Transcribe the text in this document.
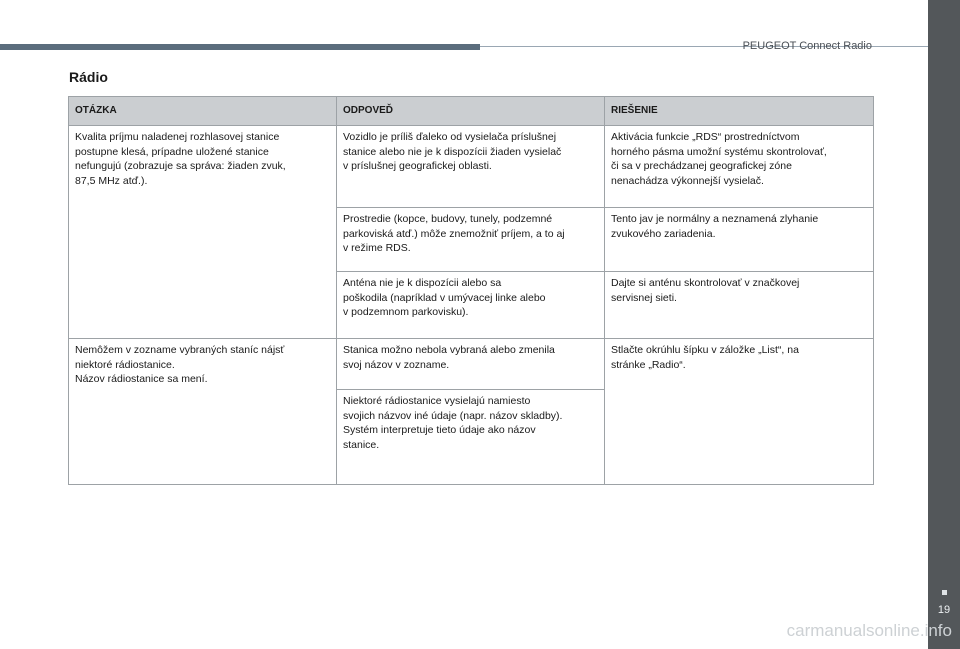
PEUGEOT Connect Radio
19
Rádio
OTÁZKA	ODPOVEĎ	RIEŠENIE

Kvalita príjmu naladenej rozhlasovej stanice
postupne klesá, prípadne uložené stanice
nefungujú (zobrazuje sa správa: žiaden zvuk,
87,5 MHz atď.).	Vozidlo je príliš ďaleko od vysielača príslušnej
stanice alebo nie je k dispozícii žiaden vysielač
v príslušnej geografickej oblasti.	Aktivácia funkcie „RDS“ prostredníctvom
horného pásma umožní systému skontrolovať,
či sa v prechádzanej geografickej zóne
nenachádza výkonnejší vysielač.

	Prostredie (kopce, budovy, tunely, podzemné
parkoviská atď.) môže znemožniť príjem, a to aj
v režime RDS.	Tento jav je normálny a neznamená zlyhanie
zvukového zariadenia.

	Anténa nie je k dispozícii alebo sa
poškodila (napríklad v umývacej linke alebo
v podzemnom parkovisku).	Dajte si anténu skontrolovať v značkovej
servisnej sieti.

Nemôžem v zozname vybraných staníc nájsť
niektoré rádiostanice.
Názov rádiostanice sa mení.	Stanica možno nebola vybraná alebo zmenila
svoj názov v zozname.	Stlačte okrúhlu šípku v záložke „List“, na
stránke „Radio“.

	Niektoré rádiostanice vysielajú namiesto
svojich názvov iné údaje (napr. názov skladby).
Systém interpretuje tieto údaje ako názov
stanice.	
carmanualsonline.info
